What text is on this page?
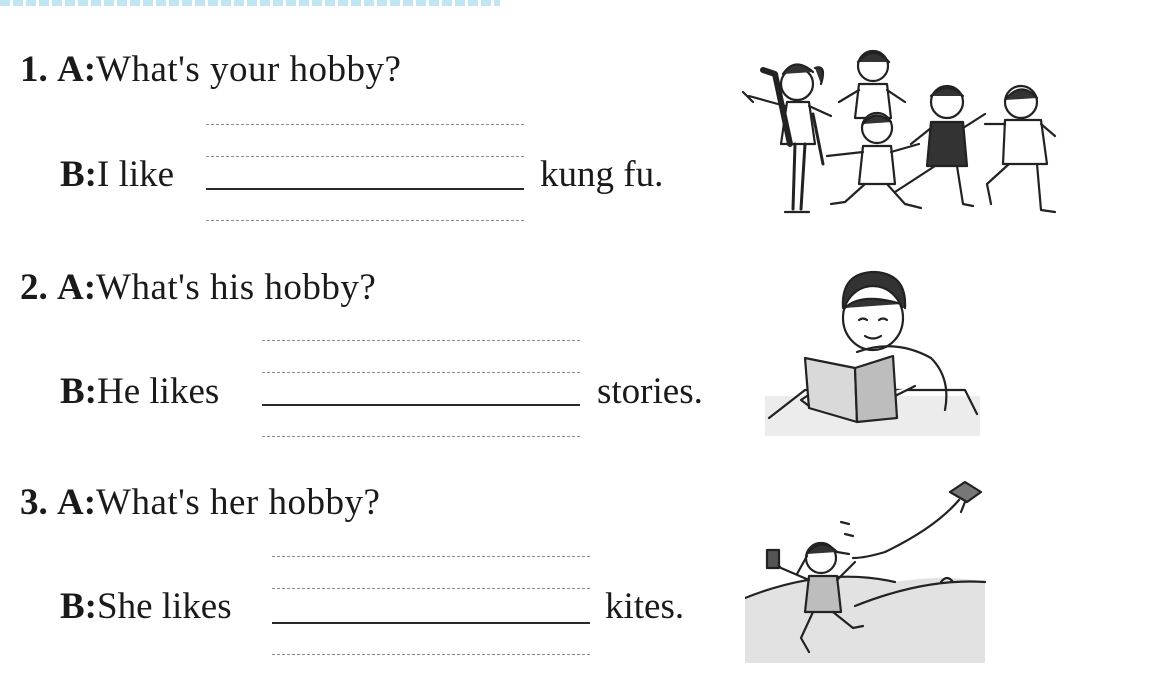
1. A:What's your hobby?
B:I like	kung fu.
2. A:What's his hobby?
B:He likes	stories.
3. A:What's her hobby?
B:She likes	kites.
